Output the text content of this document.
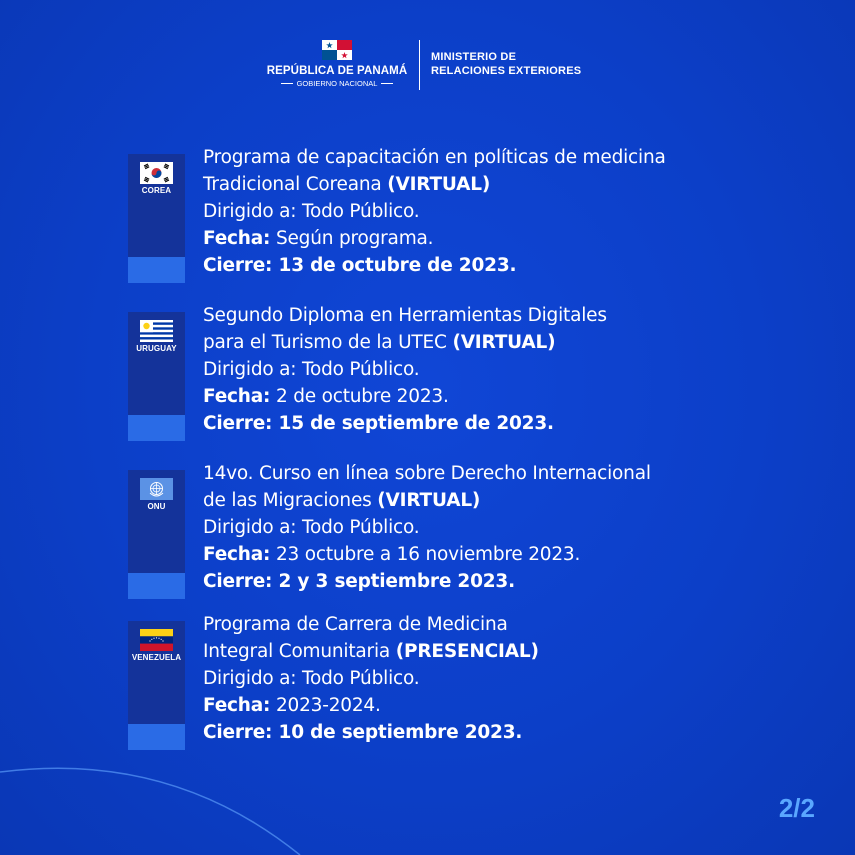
REPÚBLICA DE PANAMÁ
GOBIERNO NACIONAL
MINISTERIO DE
RELACIONES EXTERIORES
COREA
Programa de capacitación en políticas de medicina
Tradicional Coreana (VIRTUAL)
Dirigido a: Todo Público.
Fecha: Según programa.
Cierre: 13 de octubre de 2023.
URUGUAY
Segundo Diploma en Herramientas Digitales
para el Turismo de la UTEC (VIRTUAL)
Dirigido a: Todo Público.
Fecha: 2 de octubre 2023.
Cierre: 15 de septiembre de 2023.
ONU
14vo. Curso en línea sobre Derecho Internacional
de las Migraciones (VIRTUAL)
Dirigido a: Todo Público.
Fecha: 23 octubre a 16 noviembre 2023.
Cierre: 2 y 3 septiembre 2023.
VENEZUELA
Programa de Carrera de Medicina
Integral Comunitaria (PRESENCIAL)
Dirigido a: Todo Público.
Fecha: 2023-2024.
Cierre: 10 de septiembre 2023.
2/2
